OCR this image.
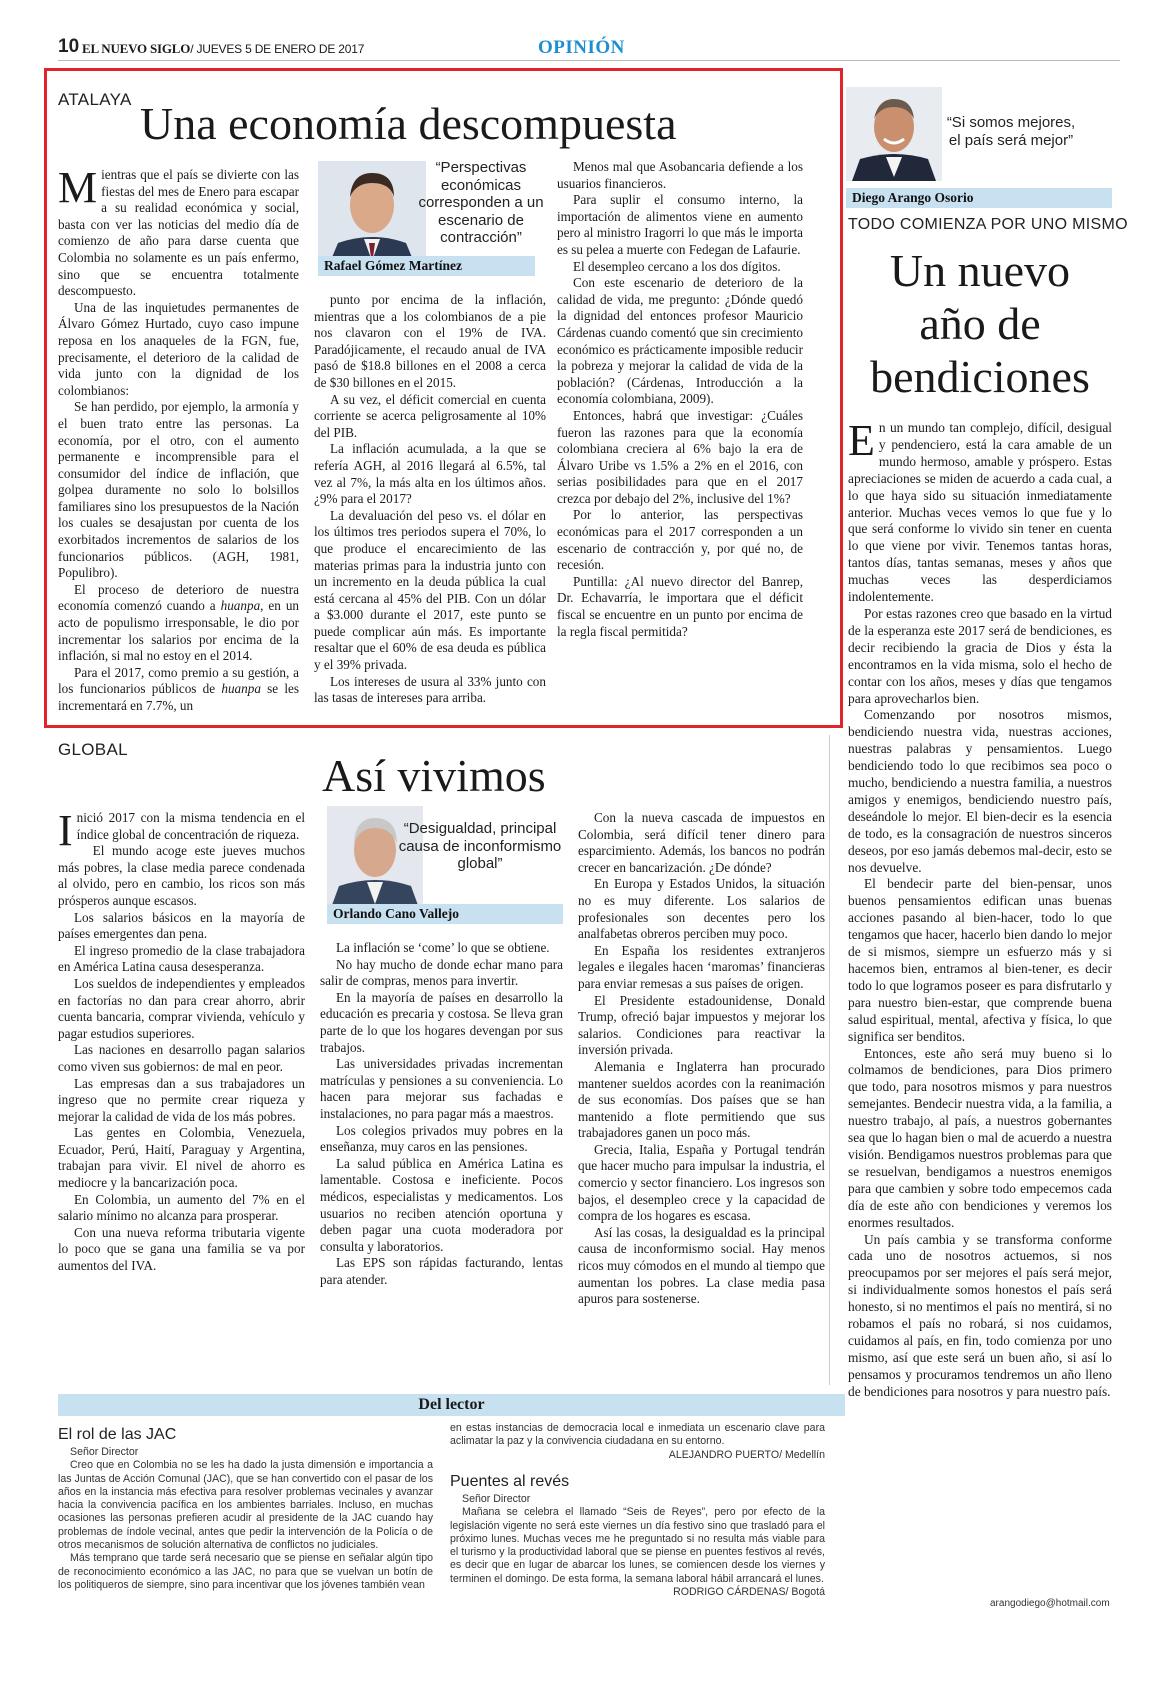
10 EL NUEVO SIGLO/ JUEVES 5 DE ENERO DE 2017	OPINIÓN
ATALAYA Una economía descompuesta
M ientras que el país se divierte con las fiestas del mes de Enero para escapar a su realidad económica y social, basta con ver las noticias del medio día de comienzo de año para darse cuenta que Colombia no solamente es un país enfermo, sino que se encuentra totalmente descompuesto.

Una de las inquietudes permanentes de Álvaro Gómez Hurtado, cuyo caso impune reposa en los anaqueles de la FGN, fue, precisamente, el deterioro de la calidad de vida junto con la dignidad de los colombianos:

Se han perdido, por ejemplo, la armonía y el buen trato entre las personas. La economía, por el otro, con el aumento permanente e incomprensible para el consumidor del índice de inflación, que golpea duramente no solo lo bolsillos familiares sino los presupuestos de la Nación los cuales se desajustan por cuenta de los exorbitados incrementos de salarios de los funcionarios públicos. (AGH, 1981, Populibro).

El proceso de deterioro de nuestra economía comenzó cuando a huanpa, en un acto de populismo irresponsable, le dio por incrementar los salarios por encima de la inflación, si mal no estoy en el 2014.

Para el 2017, como premio a su gestión, a los funcionarios públicos de huanpa se les incrementará en 7.7%, un

“Perspectivas económicas corresponden a un escenario de contracción”
Rafael Gómez Martínez

punto por encima de la inflación, mientras que a los colombianos de a pie nos clavaron con el 19% de IVA. Paradójicamente, el recaudo anual de IVA pasó de $18.8 billones en el 2008 a cerca de $30 billones en el 2015.

A su vez, el déficit comercial en cuenta corriente se acerca peligrosamente al 10% del PIB.

La inflación acumulada, a la que se refería AGH, al 2016 llegará al 6.5%, tal vez al 7%, la más alta en los últimos años. ¿9% para el 2017?

La devaluación del peso vs. el dólar en los últimos tres periodos supera el 70%, lo que produce el encarecimiento de las materias primas para la industria junto con un incremento en la deuda pública la cual está cercana al 45% del PIB. Con un dólar a $3.000 durante el 2017, este punto se puede complicar aún más. Es importante resaltar que el 60% de esa deuda es pública y el 39% privada.

Los intereses de usura al 33% junto con las tasas de intereses para arriba.

Menos mal que Asobancaria defiende a los usuarios financieros.

Para suplir el consumo interno, la importación de alimentos viene en aumento pero al ministro Iragorri lo que más le importa es su pelea a muerte con Fedegan de Lafaurie.

El desempleo cercano a los dos dígitos.

Con este escenario de deterioro de la calidad de vida, me pregunto: ¿Dónde quedó la dignidad del entonces profesor Mauricio Cárdenas cuando comentó que sin crecimiento económico es prácticamente imposible reducir la pobreza y mejorar la calidad de vida de la población? (Cárdenas, Introducción a la economía colombiana, 2009).

Entonces, habrá que investigar: ¿Cuáles fueron las razones para que la economía colombiana creciera al 6% bajo la era de Álvaro Uribe vs 1.5% a 2% en el 2016, con serias posibilidades para que en el 2017 crezca por debajo del 2%, inclusive del 1%?

Por lo anterior, las perspectivas económicas para el 2017 corresponden a un escenario de contracción y, por qué no, de recesión.

Puntilla: ¿Al nuevo director del Banrep, Dr. Echavarría, le importara que el déficit fiscal se encuentre en un punto por encima de la regla fiscal permitida?

“Si somos mejores, el país será mejor”
Diego Arango Osorio
TODO COMIENZA POR UNO MISMO
Un nuevo
año de
bendiciones
E n un mundo tan complejo, difícil, desigual y pendenciero, está la cara amable de un mundo hermoso, amable y próspero. Estas apreciaciones se miden de acuerdo a cada cual, a lo que haya sido su situación inmediatamente anterior. Muchas veces vemos lo que fue y lo que será conforme lo vivido sin tener en cuenta lo que viene por vivir. Tenemos tantas horas, tantos días, tantas semanas, meses y años que muchas veces las desperdiciamos indolentemente.

Por estas razones creo que basado en la virtud de la esperanza este 2017 será de bendiciones, es decir recibiendo la gracia de Dios y ésta la encontramos en la vida misma, solo el hecho de contar con los años, meses y días que tengamos para aprovecharlos bien.

Comenzando por nosotros mismos, bendiciendo nuestra vida, nuestras acciones, nuestras palabras y pensamientos. Luego bendiciendo todo lo que recibimos sea poco o mucho, bendiciendo a nuestra familia, a nuestros amigos y enemigos, bendiciendo nuestro país, deseándole lo mejor. El bien-decir es la esencia de todo, es la consagración de nuestros sinceros deseos, por eso jamás debemos mal-decir, esto se nos devuelve.

El bendecir parte del bien-pensar, unos buenos pensamientos edifican unas buenas acciones pasando al bien-hacer, todo lo que tengamos que hacer, hacerlo bien dando lo mejor de si mismos, siempre un esfuerzo más y si hacemos bien, entramos al bien-tener, es decir todo lo que logramos poseer es para disfrutarlo y para nuestro bien-estar, que comprende buena salud espiritual, mental, afectiva y física, lo que significa ser benditos.

Entonces, este año será muy bueno si lo colmamos de bendiciones, para Dios primero que todo, para nosotros mismos y para nuestros semejantes. Bendecir nuestra vida, a la familia, a nuestro trabajo, al país, a nuestros gobernantes sea que lo hagan bien o mal de acuerdo a nuestra visión. Bendigamos nuestros problemas para que se resuelvan, bendigamos a nuestros enemigos para que cambien y sobre todo empecemos cada día de este año con bendiciones y veremos los enormes resultados.

Un país cambia y se transforma conforme cada uno de nosotros actuemos, si nos preocupamos por ser mejores el país será mejor, si individualmente somos honestos el país será honesto, si no mentimos el país no mentirá, si no robamos el país no robará, si nos cuidamos, cuidamos al país, en fin, todo comienza por uno mismo, así que este será un buen año, si así lo pensamos y procuramos tendremos un año lleno de bendiciones para nosotros y para nuestro país.

arangodiego@hotmail.com
GLOBAL
Así vivimos
I nició 2017 con la misma tendencia en el índice global de concentración de riqueza.

El mundo acoge este jueves muchos más pobres, la clase media parece condenada al olvido, pero en cambio, los ricos son más prósperos aunque escasos.

Los salarios básicos en la mayoría de países emergentes dan pena.

El ingreso promedio de la clase trabajadora en América Latina causa desesperanza.

Los sueldos de independientes y empleados en factorías no dan para crear ahorro, abrir cuenta bancaria, comprar vivienda, vehículo y pagar estudios superiores.

Las naciones en desarrollo pagan salarios como viven sus gobiernos: de mal en peor.

Las empresas dan a sus trabajadores un ingreso que no permite crear riqueza y mejorar la calidad de vida de los más pobres.

Las gentes en Colombia, Venezuela, Ecuador, Perú, Haití, Paraguay y Argentina, trabajan para vivir. El nivel de ahorro es mediocre y la bancarización poca.

En Colombia, un aumento del 7% en el salario mínimo no alcanza para prosperar.

Con una nueva reforma tributaria vigente lo poco que se gana una familia se va por aumentos del IVA.

“Desigualdad, principal causa de inconformismo global”
Orlando Cano Vallejo

La inflación se ‘come’ lo que se obtiene.

No hay mucho de donde echar mano para salir de compras, menos para invertir.

En la mayoría de países en desarrollo la educación es precaria y costosa. Se lleva gran parte de lo que los hogares devengan por sus trabajos.

Las universidades privadas incrementan matrículas y pensiones a su conveniencia. Lo hacen para mejorar sus fachadas e instalaciones, no para pagar más a maestros.

Los colegios privados muy pobres en la enseñanza, muy caros en las pensiones.

La salud pública en América Latina es lamentable. Costosa e ineficiente. Pocos médicos, especialistas y medicamentos. Los usuarios no reciben atención oportuna y deben pagar una cuota moderadora por consulta y laboratorios.

Las EPS son rápidas facturando, lentas para atender.

Con la nueva cascada de impuestos en Colombia, será difícil tener dinero para esparcimiento. Además, los bancos no podrán crecer en bancarización. ¿De dónde?

En Europa y Estados Unidos, la situación no es muy diferente. Los salarios de profesionales son decentes pero los analfabetas obreros perciben muy poco.

En España los residentes extranjeros legales e ilegales hacen ‘maromas’ financieras para enviar remesas a sus países de origen.

El Presidente estadounidense, Donald Trump, ofreció bajar impuestos y mejorar los salarios. Condiciones para reactivar la inversión privada.

Alemania e Inglaterra han procurado mantener sueldos acordes con la reanimación de sus economías. Dos países que se han mantenido a flote permitiendo que sus trabajadores ganen un poco más.

Grecia, Italia, España y Portugal tendrán que hacer mucho para impulsar la industria, el comercio y sector financiero. Los ingresos son bajos, el desempleo crece y la capacidad de compra de los hogares es escasa.

Así las cosas, la desigualdad es la principal causa de inconformismo social. Hay menos ricos muy cómodos en el mundo al tiempo que aumentan los pobres. La clase media pasa apuros para sostenerse.

Del lector

El rol de las JAC

Señor Director

Creo que en Colombia no se les ha dado la justa dimensión e importancia a las Juntas de Acción Comunal (JAC), que se han convertido con el pasar de los años en la instancia más efectiva para resolver problemas vecinales y avanzar hacia la convivencia pacífica en los ambientes barriales. Incluso, en muchas ocasiones las personas prefieren acudir al presidente de la JAC cuando hay problemas de índole vecinal, antes que pedir la intervención de la Policía o de otros mecanismos de solución alternativa de conflictos no judiciales.

Más temprano que tarde será necesario que se piense en señalar algún tipo de reconocimiento económico a las JAC, no para que se vuelvan un botín de los politiqueros de siempre, sino para incentivar que los jóvenes también vean

en estas instancias de democracia local e inmediata un escenario clave para aclimatar la paz y la convivencia ciudadana en su entorno.

ALEJANDRO PUERTO/ Medellín

Puentes al revés

Señor Director

Mañana se celebra el llamado “Seis de Reyes”, pero por efecto de la legislación vigente no será este viernes un día festivo sino que trasladó para el próximo lunes. Muchas veces me he preguntado si no resulta más viable para el turismo y la productividad laboral que se piense en puentes festivos al revés, es decir que en lugar de abarcar los lunes, se comiencen desde los viernes y terminen el domingo. De esta forma, la semana laboral hábil arrancará el lunes.

RODRIGO CÁRDENAS/ Bogotá
